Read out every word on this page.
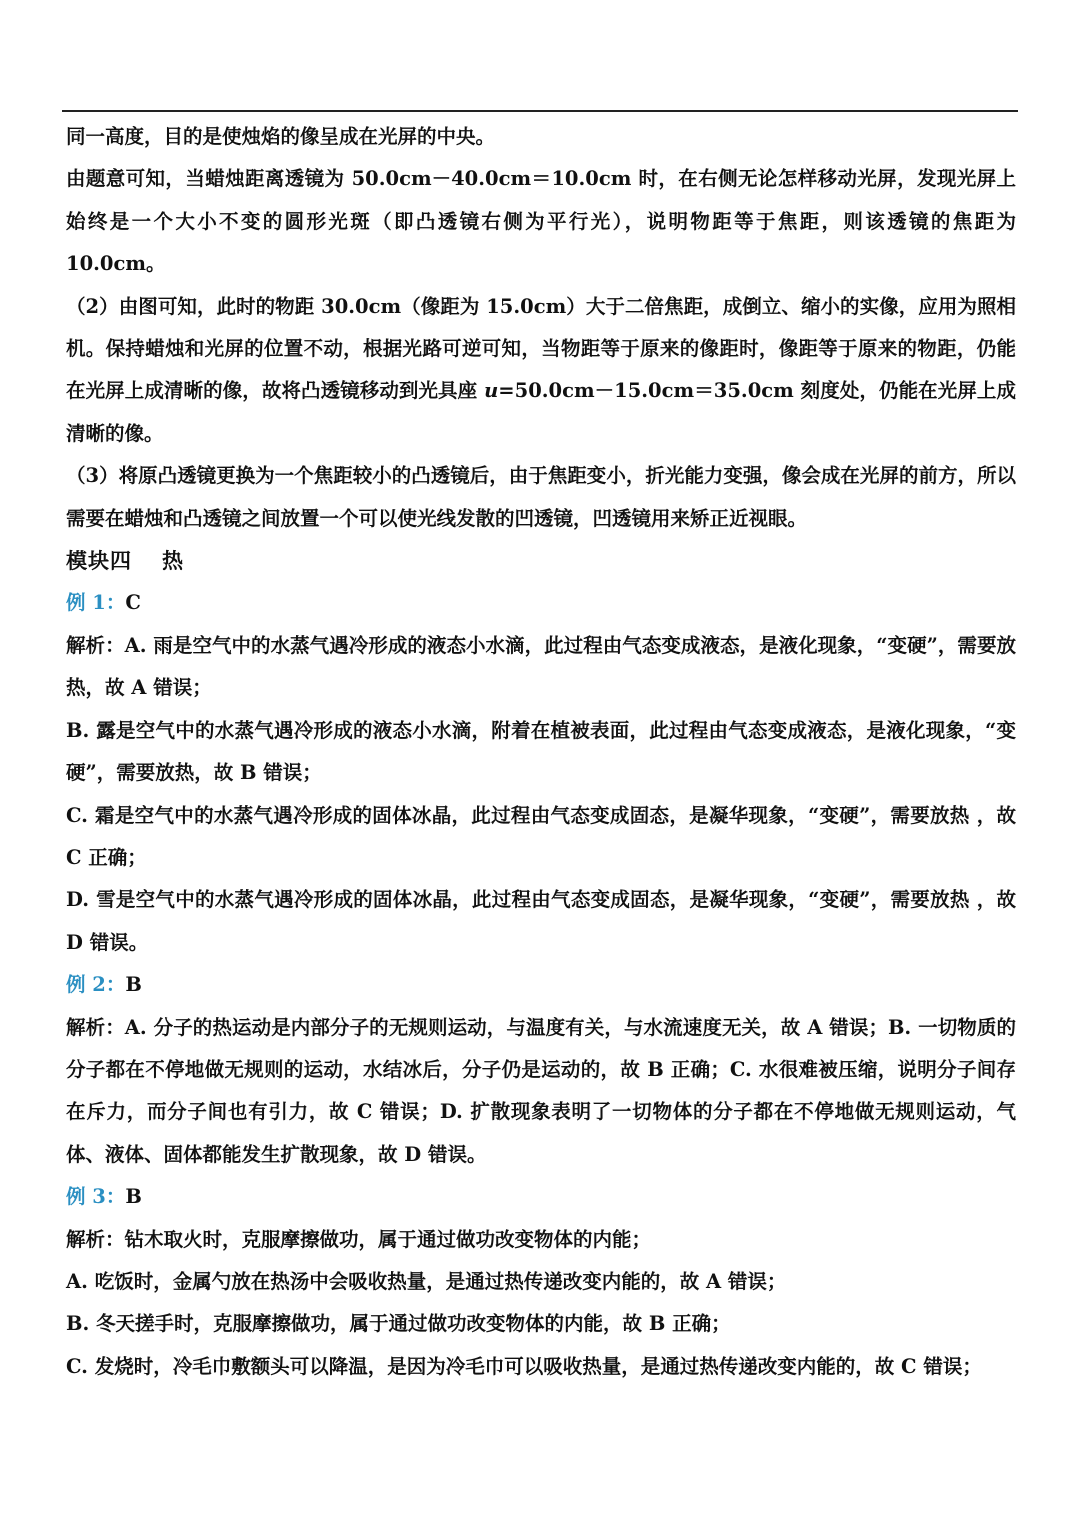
同一高度，目的是使烛焰的像呈成在光屏的中央。

由题意可知，当蜡烛距离透镜为 50.0cm－40.0cm＝10.0cm 时，在右侧无论怎样移动光屏，发现光屏上始终是一个大小不变的圆形光斑（即凸透镜右侧为平行光），说明物距等于焦距，则该透镜的焦距为 10.0cm。

（2）由图可知，此时的物距 30.0cm（像距为 15.0cm）大于二倍焦距，成倒立、缩小的实像，应用为照相机。保持蜡烛和光屏的位置不动，根据光路可逆可知，当物距等于原来的像距时，像距等于原来的物距，仍能在光屏上成清晰的像，故将凸透镜移动到光具座 u=50.0cm－15.0cm＝35.0cm 刻度处，仍能在光屏上成清晰的像。

（3）将原凸透镜更换为一个焦距较小的凸透镜后，由于焦距变小，折光能力变强，像会成在光屏的前方，所以需要在蜡烛和凸透镜之间放置一个可以使光线发散的凹透镜，凹透镜用来矫正近视眼。

模块四 热

例 1：C

解析：A. 雨是空气中的水蒸气遇冷形成的液态小水滴，此过程由气态变成液态，是液化现象，“变硬”，需要放热，故 A 错误；

B. 露是空气中的水蒸气遇冷形成的液态小水滴，附着在植被表面，此过程由气态变成液态，是液化现象，“变硬”，需要放热，故 B 错误；

C. 霜是空气中的水蒸气遇冷形成的固体冰晶，此过程由气态变成固态，是凝华现象，“变硬”，需要放热 ，故 C 正确；

D. 雪是空气中的水蒸气遇冷形成的固体冰晶，此过程由气态变成固态，是凝华现象，“变硬”，需要放热 ，故 D 错误。

例 2：B

解析：A. 分子的热运动是内部分子的无规则运动，与温度有关，与水流速度无关，故 A 错误；B. 一切物质的分子都在不停地做无规则的运动，水结冰后，分子仍是运动的，故 B 正确；C. 水很难被压缩，说明分子间存在斥力，而分子间也有引力，故 C 错误；D. 扩散现象表明了一切物体的分子都在不停地做无规则运动，气体、液体、固体都能发生扩散现象，故 D 错误。

例 3：B

解析：钻木取火时，克服摩擦做功，属于通过做功改变物体的内能；

A. 吃饭时，金属勺放在热汤中会吸收热量，是通过热传递改变内能的，故 A 错误；

B. 冬天搓手时，克服摩擦做功，属于通过做功改变物体的内能，故 B 正确；

C. 发烧时，冷毛巾敷额头可以降温，是因为冷毛巾可以吸收热量，是通过热传递改变内能的，故 C 错误；
